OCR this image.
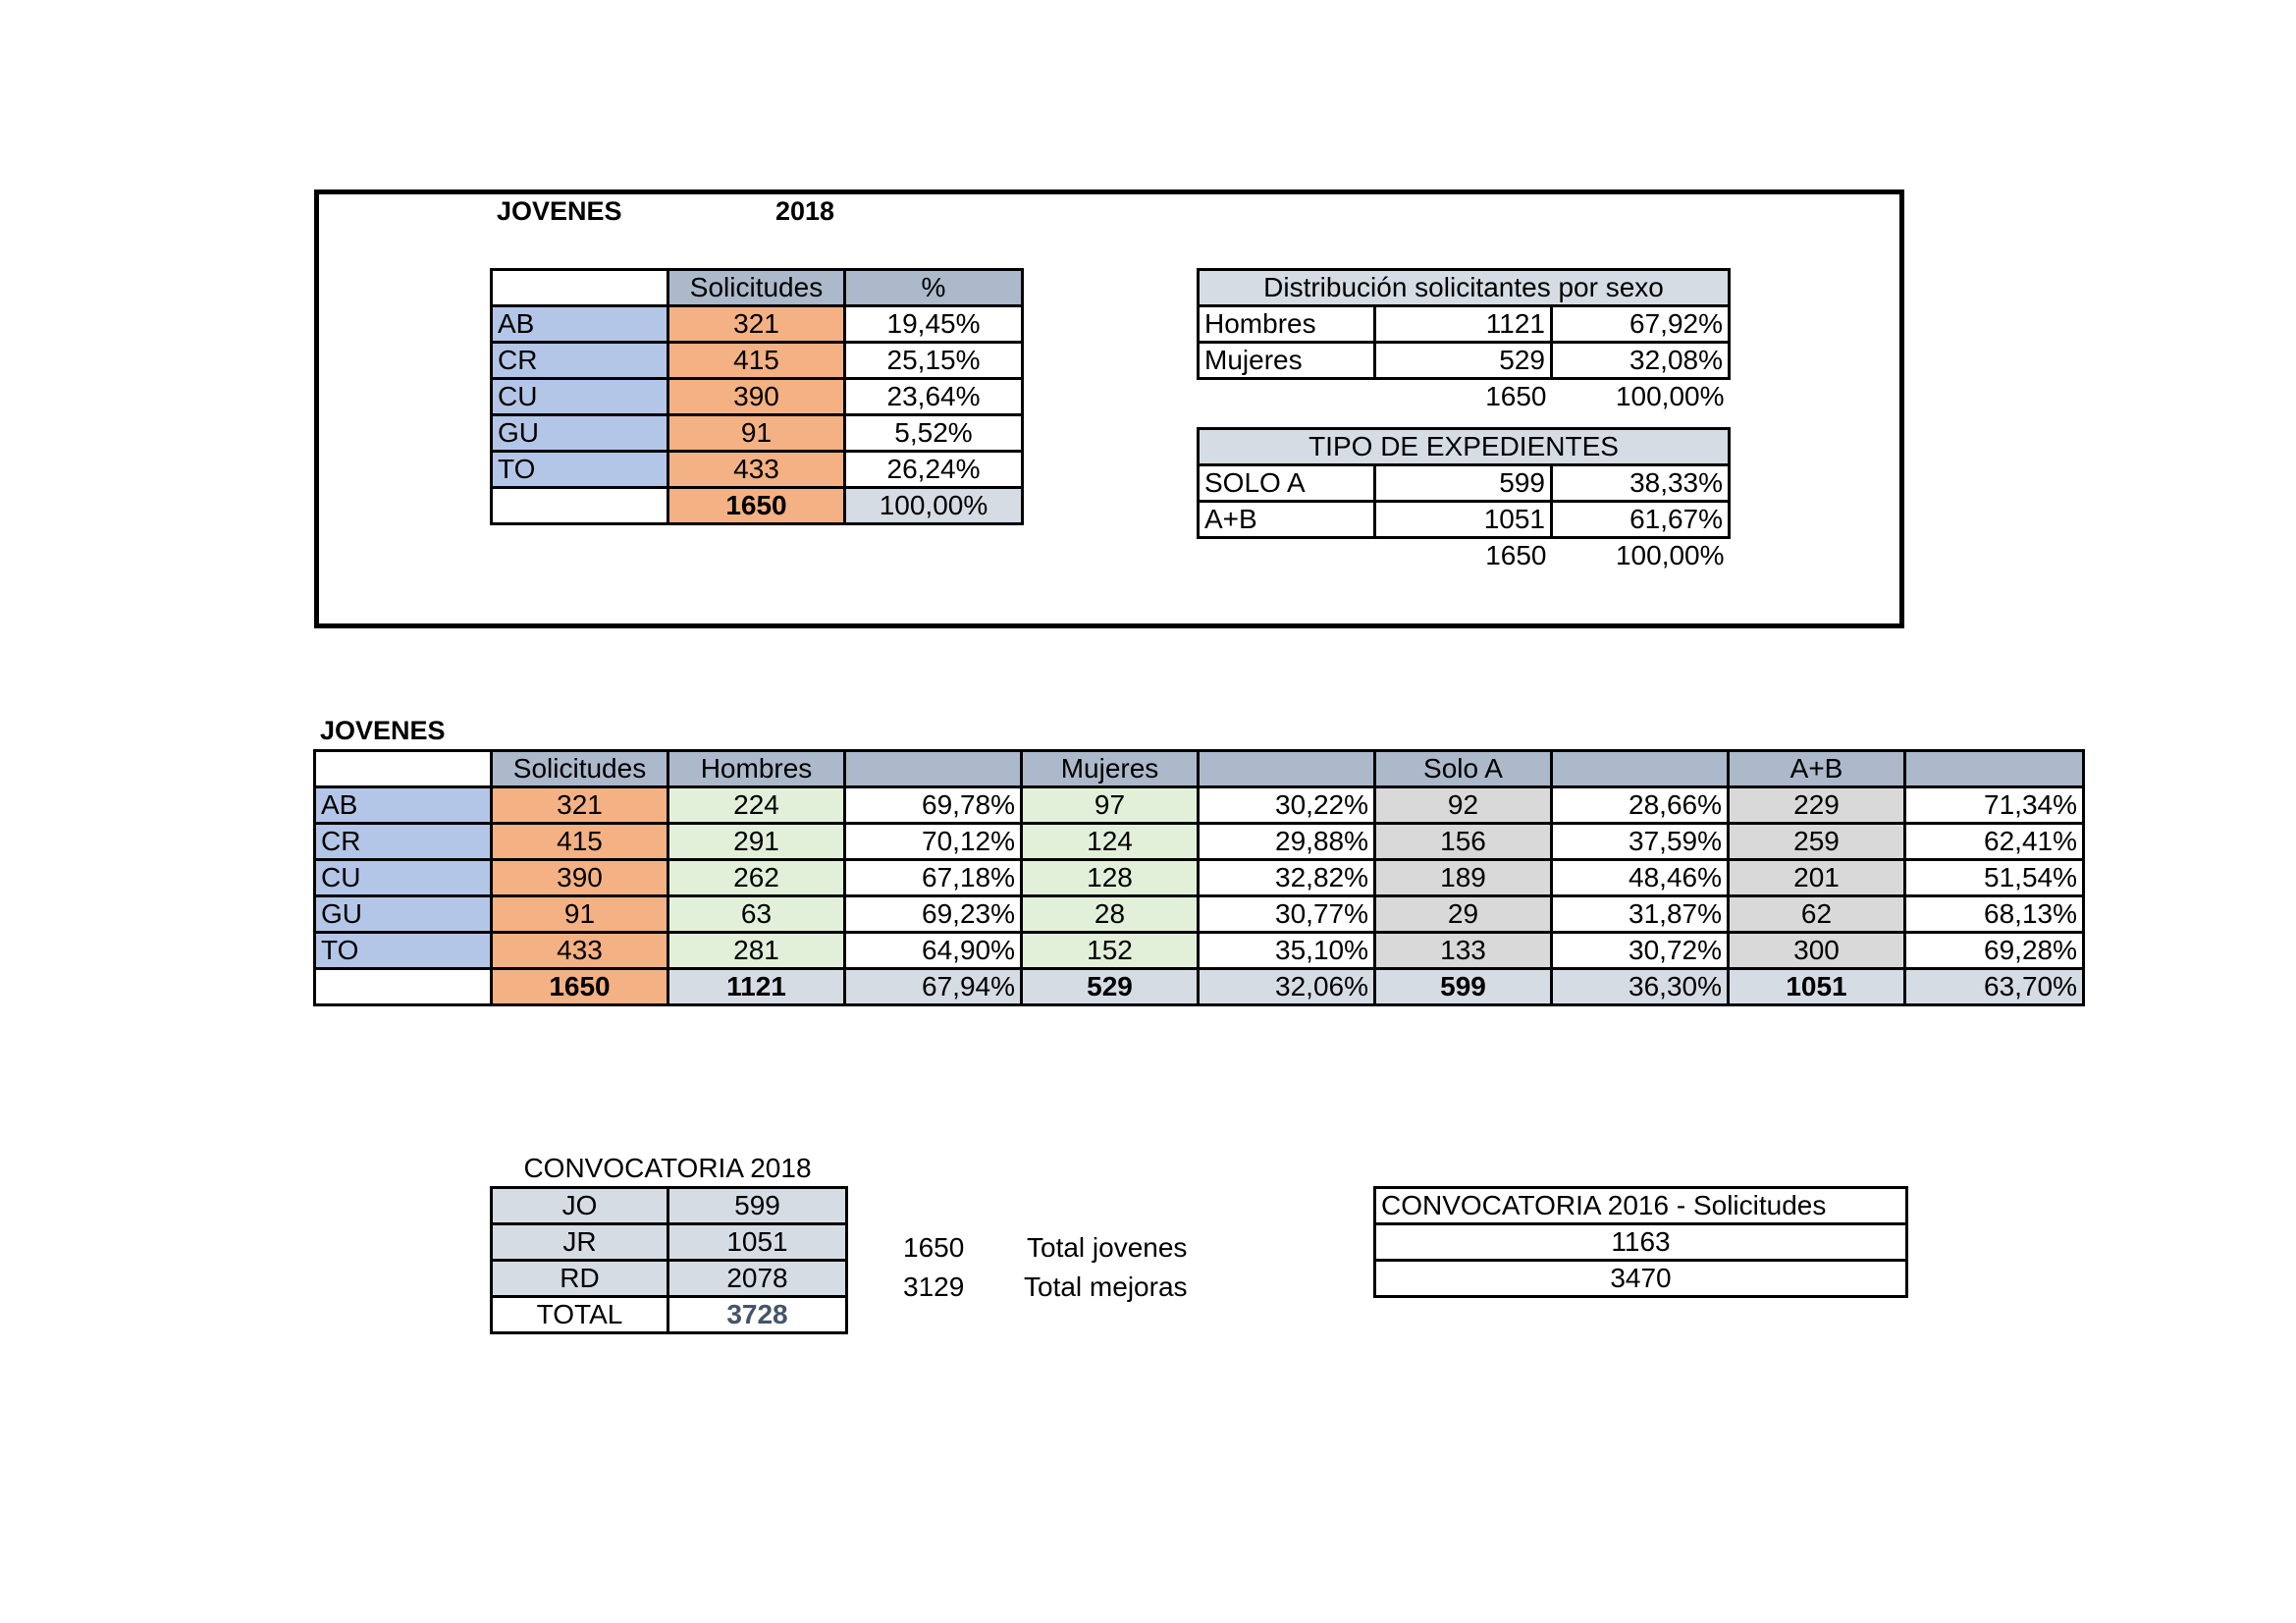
JOVENES	2018
	Solicitudes	%
AB	321	19,45%
CR	415	25,15%
CU	390	23,64%
GU	91	5,52%
TO	433	26,24%
	1650	100,00%
Distribución solicitantes por sexo		
Hombres	1121	67,92%
Mujeres	529	32,08%
	1650	100,00%
TIPO DE EXPEDIENTES		
SOLO A	599	38,33%
A+B	1051	61,67%
	1650	100,00%
JOVENES
	Solicitudes	Hombres		Mujeres		Solo A		A+B	
AB	321	224	69,78%	97	30,22%	92	28,66%	229	71,34%
CR	415	291	70,12%	124	29,88%	156	37,59%	259	62,41%
CU	390	262	67,18%	128	32,82%	189	48,46%	201	51,54%
GU	91	63	69,23%	28	30,77%	29	31,87%	62	68,13%
TO	433	281	64,90%	152	35,10%	133	30,72%	300	69,28%
	1650	1121	67,94%	529	32,06%	599	36,30%	1051	63,70%
CONVOCATORIA 2018
JO	599
JR	1051
RD	2078
TOTAL	3728
1650 Total jovenes
3129 Total mejoras
CONVOCATORIA 2016 - Solicitudes
1163
3470
